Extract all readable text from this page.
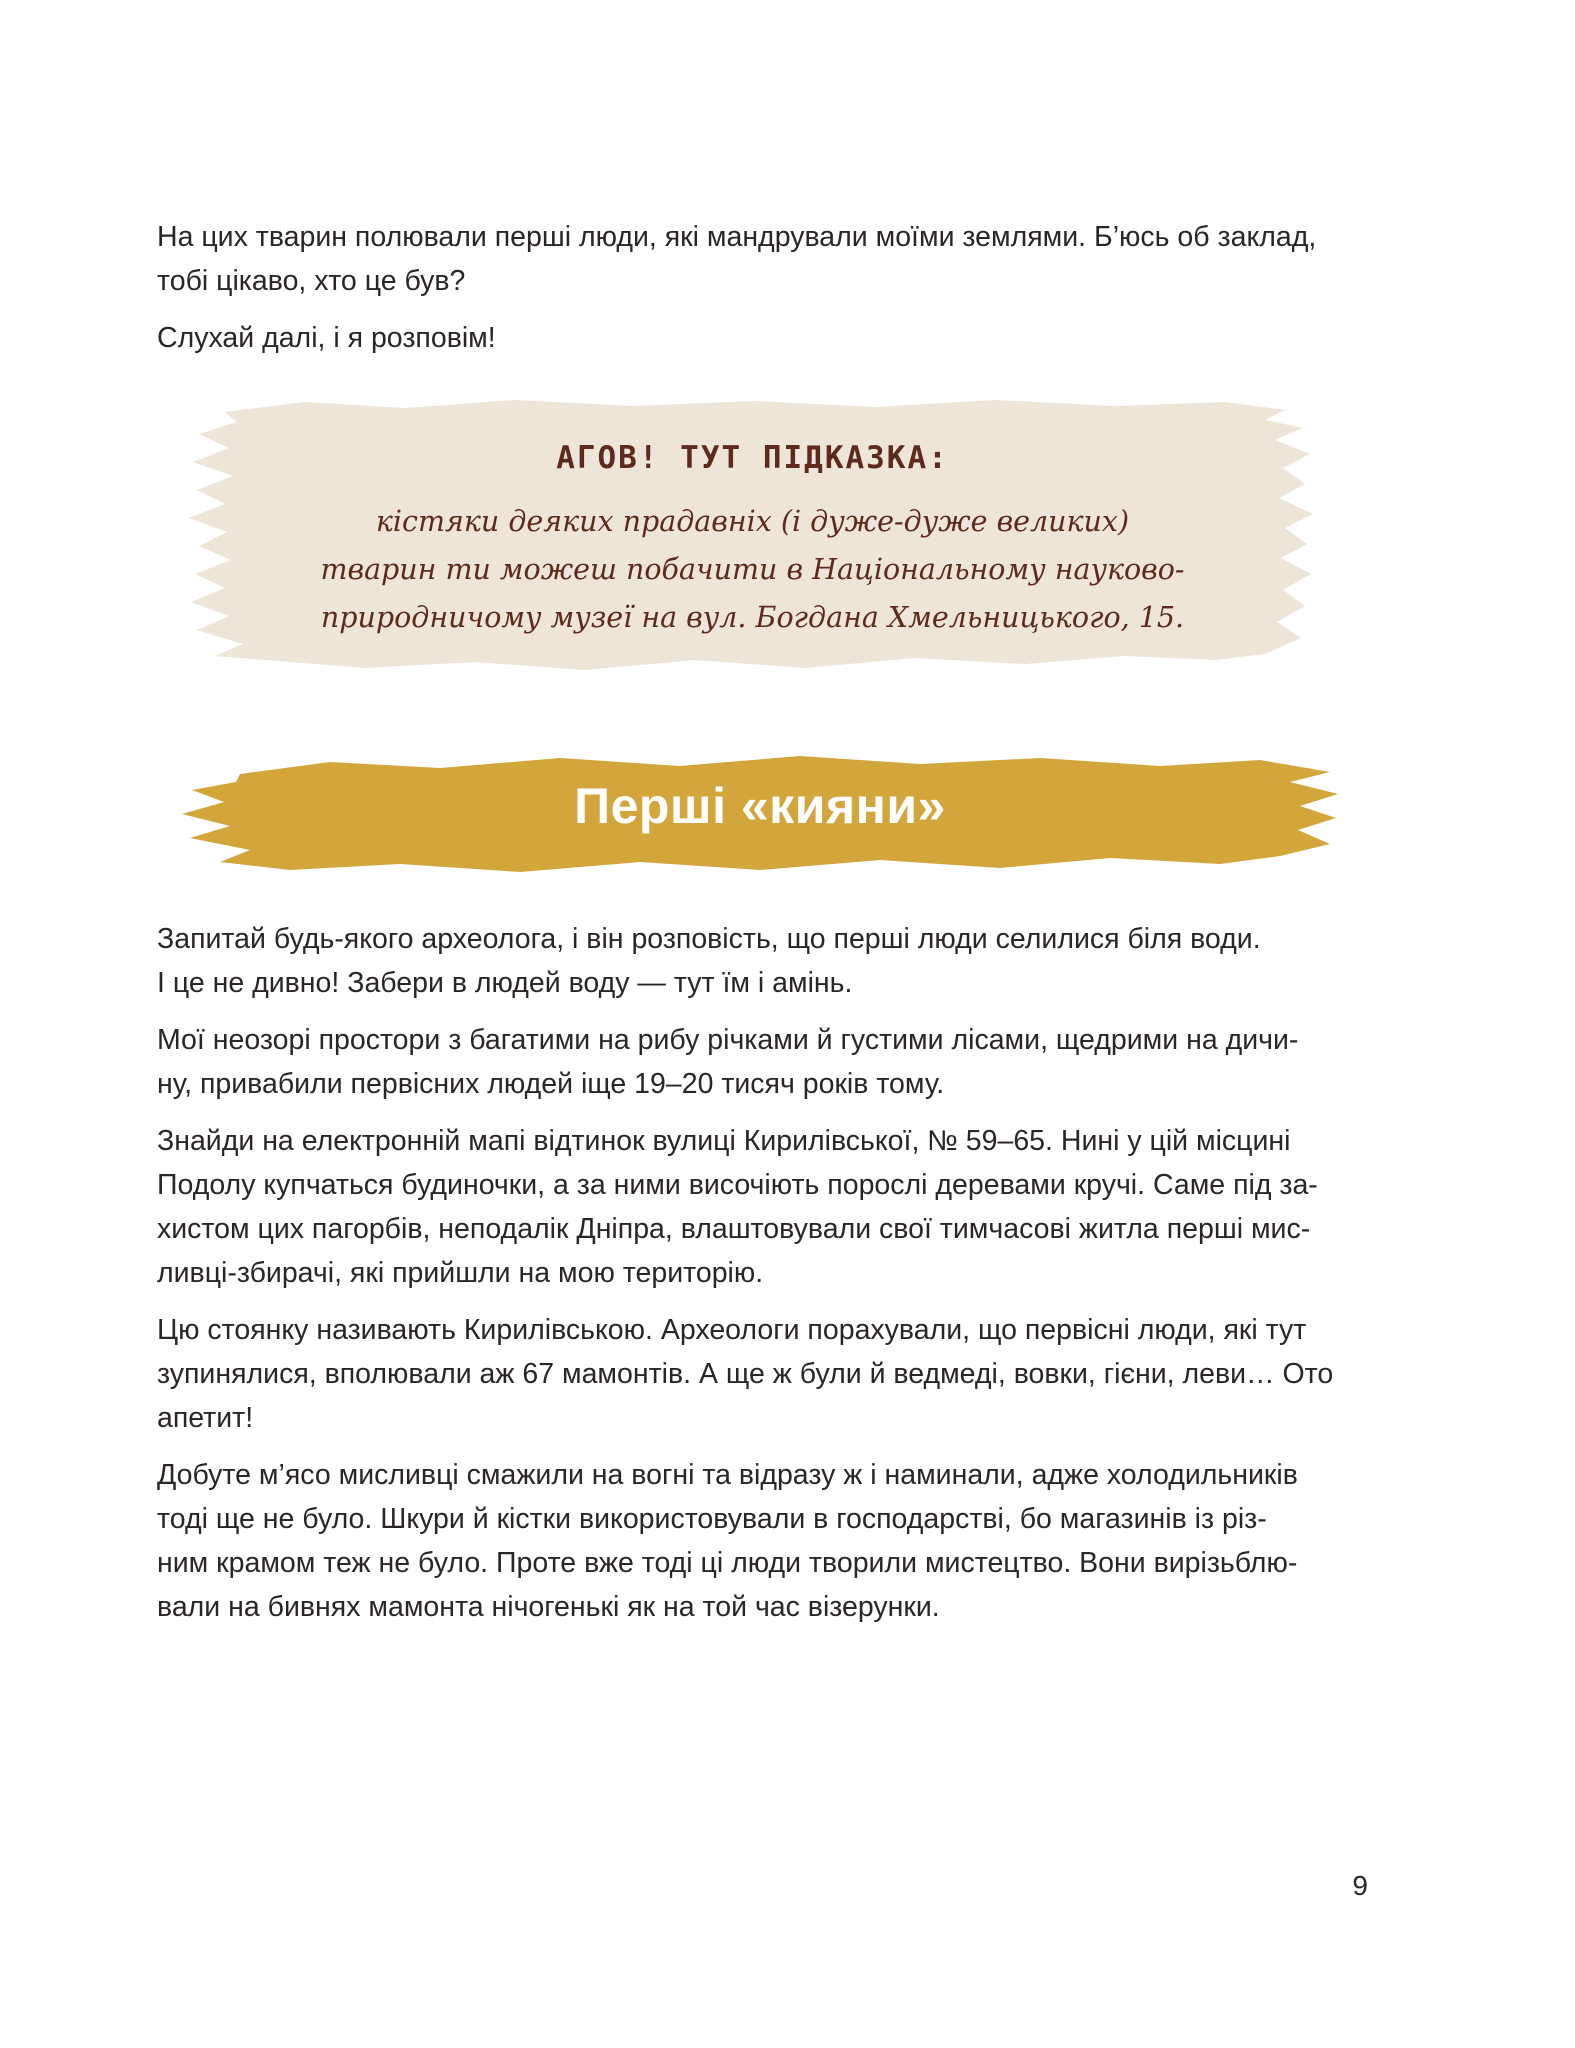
На цих тварин полювали перші люди, які мандрували моїми землями. Б’юсь об заклад,
тобі цікаво, хто це був?

Слухай далі, і я розповім!

АГОВ! ТУТ ПІДКАЗКА:

кістяки деяких прадавніх (і дуже-дуже великих)
тварин ти можеш побачити в Національному науково-
природничому музеї на вул. Богдана Хмельницького, 15.

Перші «кияни»

Запитай будь-якого археолога, і він розповість, що перші люди селилися біля води.
І це не дивно! Забери в людей воду — тут їм і амінь.

Мої неозорі простори з багатими на рибу річками й густими лісами, щедрими на дичи-
ну, привабили первісних людей іще 19–20 тисяч років тому.

Знайди на електронній мапі відтинок вулиці Кирилівської, № 59–65. Нині у цій місцині
Подолу купчаться будиночки, а за ними височіють порослі деревами кручі. Саме під за-
хистом цих пагорбів, неподалік Дніпра, влаштовували свої тимчасові житла перші мис-
ливці-збирачі, які прийшли на мою територію.

Цю стоянку називають Кирилівською. Археологи порахували, що первісні люди, які тут
зупинялися, вполювали аж 67 мамонтів. А ще ж були й ведмеді, вовки, гієни, леви… Ото
апетит!

Добуте м’ясо мисливці смажили на вогні та відразу ж і наминали, адже холодильників
тоді ще не було. Шкури й кістки використовували в господарстві, бо магазинів із різ-
ним крамом теж не було. Проте вже тоді ці люди творили мистецтво. Вони вирізьблю-
вали на бивнях мамонта нічогенькі як на той час візерунки.

9
